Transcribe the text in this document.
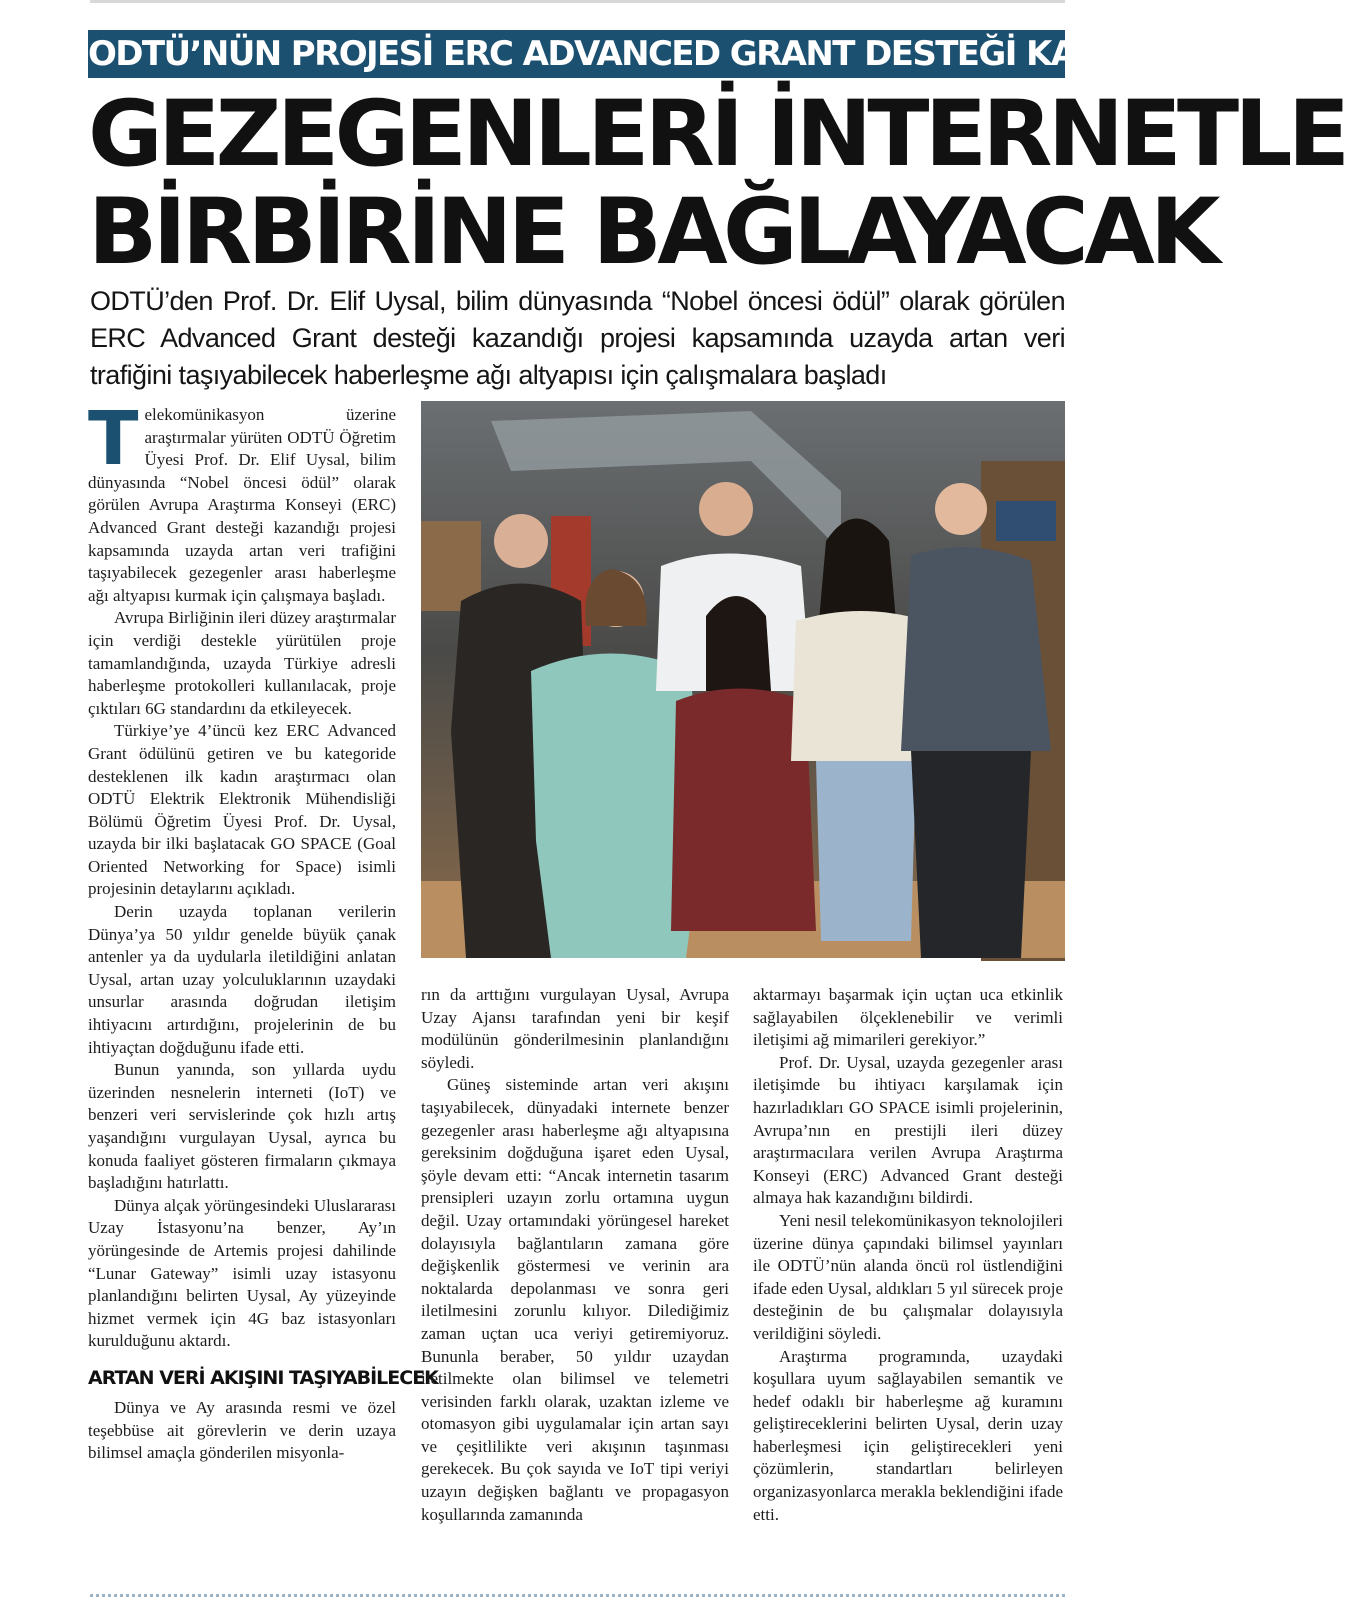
ODTÜ’NÜN PROJESİ ERC ADVANCED GRANT DESTEĞİ KAZANDI
GEZEGENLERİ İNTERNETLE
BİRBİRİNE BAĞLAYACAK

ODTÜ’den Prof. Dr. Elif Uysal, bilim dünyasında “Nobel öncesi ödül” olarak görülen ERC Advanced Grant desteği kazandığı projesi kapsamında uzayda artan veri trafiğini taşıyabilecek haberleşme ağı altyapısı için çalışmalara başladı

T elekomünikasyon üzerine araştırmalar yürüten ODTÜ Öğretim Üyesi Prof. Dr. Elif Uysal, bilim dünyasında “Nobel öncesi ödül” olarak görülen Avrupa Araştırma Konseyi (ERC) Advanced Grant desteği kazandığı projesi kapsamında uzayda artan veri trafiğini taşıyabilecek gezegenler arası haberleşme ağı altyapısı kurmak için çalışmaya başladı.

Avrupa Birliğinin ileri düzey araştırmalar için verdiği destekle yürütülen proje tamamlandığında, uzayda Türkiye adresli haberleşme protokolleri kullanılacak, proje çıktıları 6G standardını da etkileyecek.

Türkiye’ye 4’üncü kez ERC Advanced Grant ödülünü getiren ve bu kategoride desteklenen ilk kadın araştırmacı olan ODTÜ Elektrik Elektronik Mühendisliği Bölümü Öğretim Üyesi Prof. Dr. Uysal, uzayda bir ilki başlatacak GO SPACE (Goal Oriented Networking for Space) isimli projesinin detaylarını açıkladı.

Derin uzayda toplanan verilerin Dünya’ya 50 yıldır genelde büyük çanak antenler ya da uydularla iletildiğini anlatan Uysal, artan uzay yolculuklarının uzaydaki unsurlar arasında doğrudan iletişim ihtiyacını artırdığını, projelerinin de bu ihtiyaçtan doğduğunu ifade etti.

Bunun yanında, son yıllarda uydu üzerinden nesnelerin interneti (IoT) ve benzeri veri servislerinde çok hızlı artış yaşandığını vurgulayan Uysal, ayrıca bu konuda faaliyet gösteren firmaların çıkmaya başladığını hatırlattı.

Dünya alçak yörüngesindeki Uluslararası Uzay İstasyonu’na benzer, Ay’ın yörüngesinde de Artemis projesi dahilinde “Lunar Gateway” isimli uzay istasyonu planlandığını belirten Uysal, Ay yüzeyinde hizmet vermek için 4G baz istasyonları kurulduğunu aktardı.

ARTAN VERİ AKIŞINI TAŞIYABİLECEK

Dünya ve Ay arasında resmi ve özel teşebbüse ait görevlerin ve derin uzaya bilimsel amaçla gönderilen misyonla-

rın da arttığını vurgulayan Uysal, Avrupa Uzay Ajansı tarafından yeni bir keşif modülünün gönderilmesinin planlandığını söyledi.

Güneş sisteminde artan veri akışını taşıyabilecek, dünyadaki internete benzer gezegenler arası haberleşme ağı altyapısına gereksinim doğduğuna işaret eden Uysal, şöyle devam etti: “Ancak internetin tasarım prensipleri uzayın zorlu ortamına uygun değil. Uzay ortamındaki yörüngesel hareket dolayısıyla bağlantıların zamana göre değişkenlik göstermesi ve verinin ara noktalarda depolanması ve sonra geri iletilmesini zorunlu kılıyor. Dilediğimiz zaman uçtan uca veriyi getiremiyoruz. Bununla beraber, 50 yıldır uzaydan iletilmekte olan bilimsel ve telemetri verisinden farklı olarak, uzaktan izleme ve otomasyon gibi uygulamalar için artan sayı ve çeşitlilikte veri akışının taşınması gerekecek. Bu çok sayıda ve IoT tipi veriyi uzayın değişken bağlantı ve propagasyon koşullarında zamanında

aktarmayı başarmak için uçtan uca etkinlik sağlayabilen ölçeklenebilir ve verimli iletişimi ağ mimarileri gerekiyor.”

Prof. Dr. Uysal, uzayda gezegenler arası iletişimde bu ihtiyacı karşılamak için hazırladıkları GO SPACE isimli projelerinin, Avrupa’nın en prestijli ileri düzey araştırmacılara verilen Avrupa Araştırma Konseyi (ERC) Advanced Grant desteği almaya hak kazandığını bildirdi.

Yeni nesil telekomünikasyon teknolojileri üzerine dünya çapındaki bilimsel yayınları ile ODTÜ’nün alanda öncü rol üstlendiğini ifade eden Uysal, aldıkları 5 yıl sürecek proje desteğinin de bu çalışmalar dolayısıyla verildiğini söyledi.

Araştırma programında, uzaydaki koşullara uyum sağlayabilen semantik ve hedef odaklı bir haberleşme ağ kuramını geliştireceklerini belirten Uysal, derin uzay haberleşmesi için geliştirecekleri yeni çözümlerin, standartları belirleyen organizasyonlarca merakla beklendiğini ifade etti.
